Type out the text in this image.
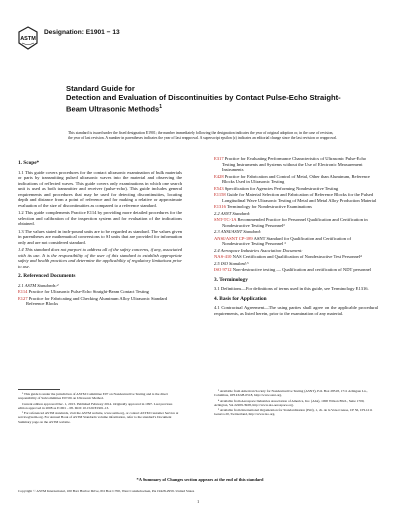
ASTM
Designation: E1901 − 13
Standard Guide for
Detection and Evaluation of Discontinuities by Contact Pulse-Echo Straight-Beam Ultrasonic Methods$^1$

This standard is issued under the fixed designation E1901; the number immediately following the designation indicates the year of original adoption or, in the case of revision, the year of last revision. A number in parentheses indicates the year of last reapproval. A superscript epsilon (ε) indicates an editorial change since the last revision or reapproval.

1. Scope*

1.1 This guide covers procedures for the contact ultrasonic examination of bulk materials or parts by transmitting pulsed ultrasonic waves into the material and observing the indications of reflected waves. This guide covers only examinations in which one search unit is used as both transmitter and receiver (pulse-echo). This guide includes general requirements and procedures that may be used for detecting discontinuities, locating depth and distance from a point of reference and for making a relative or approximate evaluation of the size of discontinuities as compared to a reference standard.

1.2 This guide complements Practice E114 by providing more detailed procedures for the selection and calibration of the inspection system and for evaluation of the indications obtained.

1.3 The values stated in inch-pound units are to be regarded as standard. The values given in parentheses are mathematical conversions to SI units that are provided for information only and are not considered standard.

1.4 This standard does not purport to address all of the safety concerns, if any, associated with its use. It is the responsibility of the user of this standard to establish appropriate safety and health practices and determine the applicability of regulatory limitations prior to use.

2. Referenced Documents

2.1 ASTM Standards:²

E114 Practice for Ultrasonic Pulse-Echo Straight-Beam Contact Testing

E127 Practice for Fabricating and Checking Aluminum Alloy Ultrasonic Standard Reference Blocks

E317 Practice for Evaluating Performance Characteristics of Ultrasonic Pulse-Echo Testing Instruments and Systems without the Use of Electronic Measurement Instruments

E428 Practice for Fabrication and Control of Metal, Other than Aluminum, Reference Blocks Used in Ultrasonic Testing

E543 Specification for Agencies Performing Nondestructive Testing

E1158 Guide for Material Selection and Fabrication of Reference Blocks for the Pulsed Longitudinal Wave Ultrasonic Testing of Metal and Metal Alloy Production Material

E1316 Terminology for Nondestructive Examinations

2.2 ASNT Standard:

SNT-TC-1A Recommended Practice for Personnel Qualification and Certification in Nondestructive Testing Personnel³

2.3 ANSI/ASNT Standard:

ANSI/ASNT CP-189 ASNT Standard for Qualification and Certification of Nondestructive Testing Personnel ³

2.4 Aerospace Industries Association Document:

NAS-410 NAS Certification and Qualification of Nondestructive Test Personnel⁴

2.5 ISO Standard:⁵

ISO 9712 Non-destructive testing — Qualification and certification of NDT personnel

3. Terminology

3.1 Definitions—For definitions of terms used in this guide, see Terminology E1316.

4. Basis for Application

4.1 Contractual Agreement—The using parties shall agree on the applicable procedural requirements, as listed herein, prior to the examination of any material.

¹ This guide is under the jurisdiction of ASTM Committee E07 on Nondestructive Testing and is the direct responsibility of Subcommittee E07.06 on Ultrasonic Method.

Current edition approved Dec. 1, 2013. Published February 2014. Originally approved in 1997. Last previous edition approved in 2008 as E1901 – 08. DOI: 10.1520/E1901-13.

² For referenced ASTM standards, visit the ASTM website, www.astm.org, or contact ASTM Customer Service at service@astm.org. For Annual Book of ASTM Standards volume information, refer to the standard's Document Summary page on the ASTM website.

³ Available from American Society for Nondestructive Testing (ASNT), P.O. Box 28518, 1711 Arlingate Ln., Columbus, OH 43228-0518, http://www.asnt.org.

⁴ Available from Aerospace Industries Association of America, Inc. (AIA), 1000 Wilson Blvd., Suite 1700, Arlington, VA 22209-3928, http://www.aia-aerospace.org.

⁵ Available from International Organization for Standardization (ISO), 1, ch. de la Voie-Creuse, CP 56, CH-1211 Geneva 20, Switzerland, http://www.iso.org.

*A Summary of Changes section appears at the end of this standard
Copyright © ASTM International, 100 Barr Harbor Drive, PO Box C700, West Conshohocken, PA 19428-2959. United States
1
